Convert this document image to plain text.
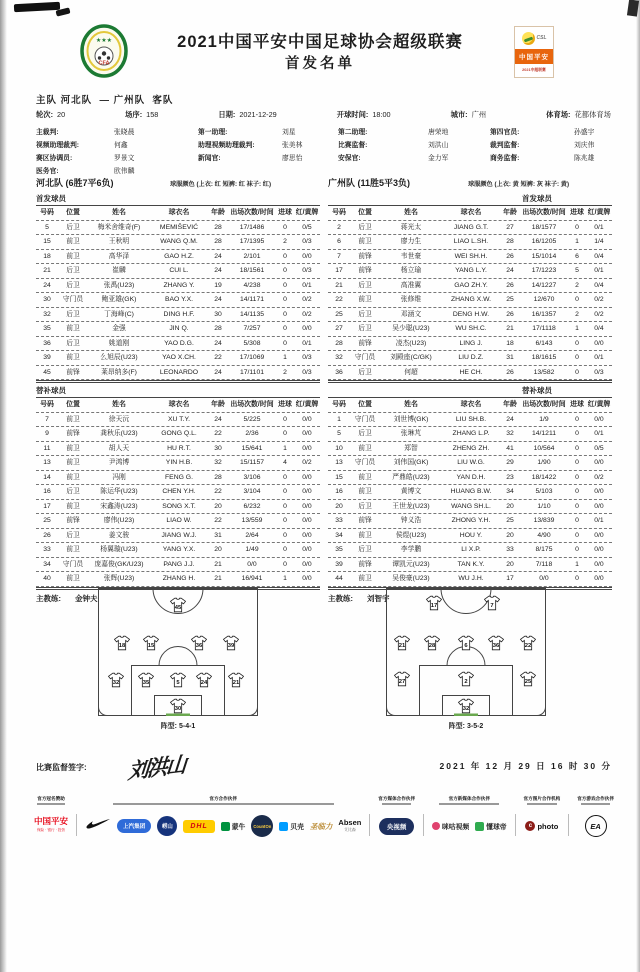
★★★
CFA
2021中国平安中国足球协会超级联赛
首发名单
CSL
中国平安
2021中超联赛
主队 河北队 — 广州队 客队
轮次: 20	场序: 158	日期: 2021-12-29	开球时间: 18:00	城市: 广州	体育场: 花都体育场
主裁判:	张晓晨	第一助理:	刘星	第二助理:	唐荣地	第四官员:	孙盛宇
视频助理裁判:	何鑫	助理视频助理裁判:	张美林	比赛监督:	刘洪山	裁判监督:	刘庆伟
赛区协调员:	罗景文	新闻官:	廖思怡	安保官:	金力军	商务监督:	陈兆雄
医务官:	欧伟麟
河北队 (6胜7平6负)	球服颜色 (上衣: 红 短裤: 红 袜子: 红)	广州队 (11胜5平3负)	球服颜色 (上衣: 黄 短裤: 灰 袜子: 黄)
首发球员
号码	位置	姓名	球衣名	年龄 出场次数/时间 进球 红/黄牌
5	后卫	梅米舍维奇(F)	MEMIŠEVIĆ	28	17/1486	0	0/5
15	前卫	王秋明	WANG Q.M.	28	17/1395	2	0/3
18	前卫	高华泽	GAO H.Z.	24	2/101	0	0/0
21	后卫	崔麟	CUI L.	24	18/1561	0	0/3
24	后卫	张禹(U23)	ZHANG Y.	19	4/238	0	0/1
30	守门员	鲍亚雄(GK)	BAO Y.X.	24	14/1171	0	0/2
32	后卫	丁海峰(C)	DING H.F.	30	14/1135	0	0/2
35	前卫	金强	JIN Q.	28	7/257	0	0/0
36	后卫	姚道刚	YAO D.G.	24	5/308	0	0/1
39	前卫	么旭辰(U23)	YAO X.CH.	22	17/1069	1	0/3
45	前锋	莱昂纳多(F)	LEONARDO	24	17/1101	2	0/3
替补球员
号码	位置	姓名	球衣名	年龄 出场次数/时间 进球 红/黄牌
7	前卫	徐天沅	XU T.Y.	24	5/225	0	0/0
9	前锋	龚秋乐(U23)	GONG Q.L.	22	2/36	0	0/0
11	前卫	胡人天	HU R.T.	30	15/641	1	0/0
13	前卫	尹鸿博	YIN H.B.	32	15/1157	4	0/2
14	前卫	冯刚	FENG G.	28	3/106	0	0/0
16	后卫	陈运华(U23)	CHEN Y.H.	22	3/104	0	0/0
17	前卫	宋鑫涛(U23)	SONG X.T.	20	6/232	0	0/0
25	前锋	廖伟(U23)	LIAO W.	22	13/559	0	0/0
26	后卫	姜文骏	JIANG W.J.	31	2/64	0	0/0
33	前卫	杨翼璇(U23)	YANG Y.X.	20	1/49	0	0/0
34	守门员	庞嘉俊(GK/U23)	PANG J.J.	21	0/0	0	0/0
40	前卫	张辉(U23)	ZHANG H.	21	16/941	1	0/0
主教练: 金钟夫
首发球员
号码	位置	姓名	球衣名	年龄 出场次数/时间 进球 红/黄牌
2	后卫	蒋光太	JIANG G.T.	27	18/1577	0	0/1
6	前卫	廖力生	LIAO L.SH.	28	16/1205	1	1/4
7	前锋	韦世豪	WEI SH.H.	26	15/1014	6	0/4
17	前锋	杨立瑜	YANG L.Y.	24	17/1223	5	0/1
21	后卫	高准翼	GAO ZH.Y.	26	14/1227	2	0/4
22	前卫	张修维	ZHANG X.W.	25	12/670	0	0/2
25	后卫	邓涵文	DENG H.W.	26	16/1357	2	0/2
27	后卫	吴少聪(U23)	WU SH.C.	21	17/1118	1	0/4
28	前锋	凌杰(U23)	LING J.	18	6/143	0	0/0
32	守门员	刘殿座(C/GK)	LIU D.Z.	31	18/1615	0	0/1
36	后卫	何超	HE CH.	26	13/582	0	0/3
替补球员
号码	位置	姓名	球衣名	年龄 出场次数/时间 进球 红/黄牌
1	守门员	刘世博(GK)	LIU SH.B.	24	1/9	0	0/0
5	后卫	张琳芃	ZHANG L.P.	32	14/1211	0	0/1
10	前卫	郑智	ZHENG ZH.	41	10/564	0	0/5
13	守门员	刘伟国(GK)	LIU W.G.	29	1/90	0	0/0
15	前卫	严鼎皓(U23)	YAN D.H.	23	18/1422	0	0/2
16	前卫	黄博文	HUANG B.W.	34	5/103	0	0/0
20	后卫	王世龙(U23)	WANG SH.L.	20	1/10	0	0/0
33	前锋	钟义浩	ZHONG Y.H.	25	13/839	0	0/1
34	前卫	侯煜(U23)	HOU Y.	20	4/90	0	0/0
35	后卫	李学鹏	LI X.P.	33	8/175	0	0/0
39	前锋	谭凯元(U23)	TAN K.Y.	20	7/118	1	0/0
44	前卫	吴俊豪(U23)	WU J.H.	17	0/0	0	0/0
主教练: 刘智宇
45
18	15	36	39
32	35	5	24	21
30
阵型: 5-4-1
17	7
21	28	6	36	22
27	2	25
32
阵型: 3-5-2
比赛监督签字: 刘洪山	2021 年 12 月 29 日 16 时 30 分
官方冠名赞助
中国平安
保险 · 银行 · 投资
官方合作伙伴
上汽集团	崂山	DHL	蒙牛	CountOn	贝壳 圣临力 Absen
艾比森
官方媒体合作伙伴
央视频
官方新媒体合作伙伴
咪咕视频	懂球帝
官方图片合作机构
c photo
官方游戏合作伙伴
EA
